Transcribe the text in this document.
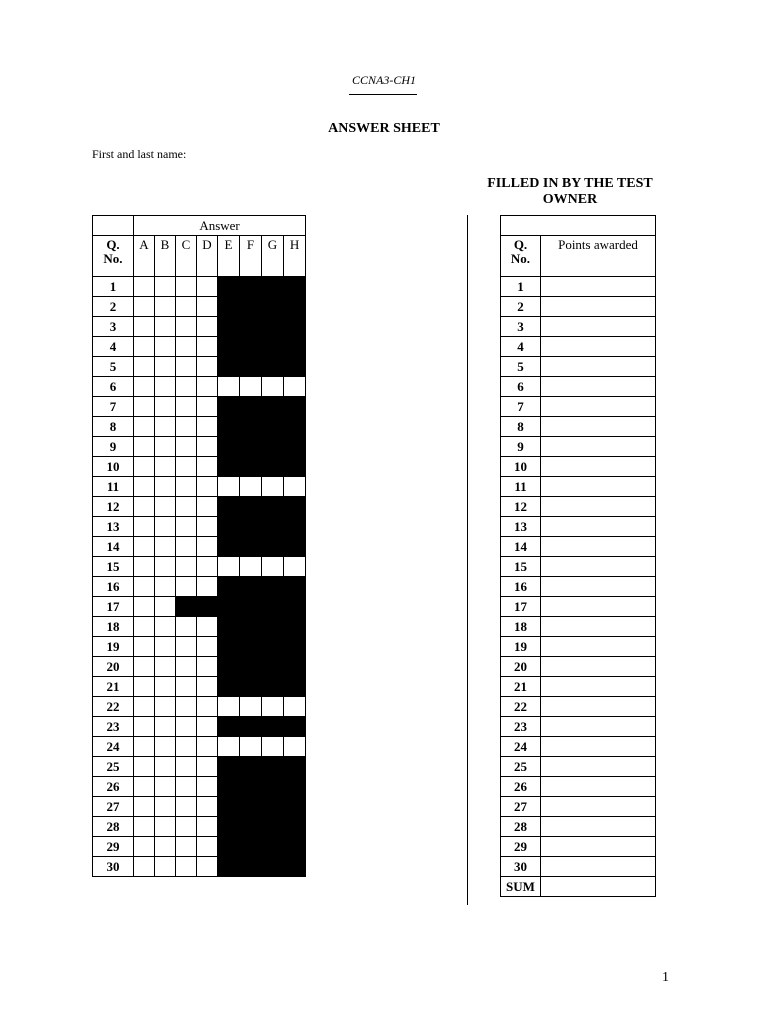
CCNA3-CH1
ANSWER SHEET
First and last name:
FILLED IN BY THE TEST OWNER
	Answer							
Q.
No.	A	B	C	D	E	F	G	H
1								
2								
3								
4								
5								
6								
7								
8								
9								
10								
11								
12								
13								
14								
15								
16								
17								
18								
19								
20								
21								
22								
23								
24								
25								
26								
27								
28								
29								
30								

Q.
No.	Points awarded
1	
2	
3	
4	
5	
6	
7	
8	
9	
10	
11	
12	
13	
14	
15	
16	
17	
18	
19	
20	
21	
22	
23	
24	
25	
26	
27	
28	
29	
30	
SUM	
1
